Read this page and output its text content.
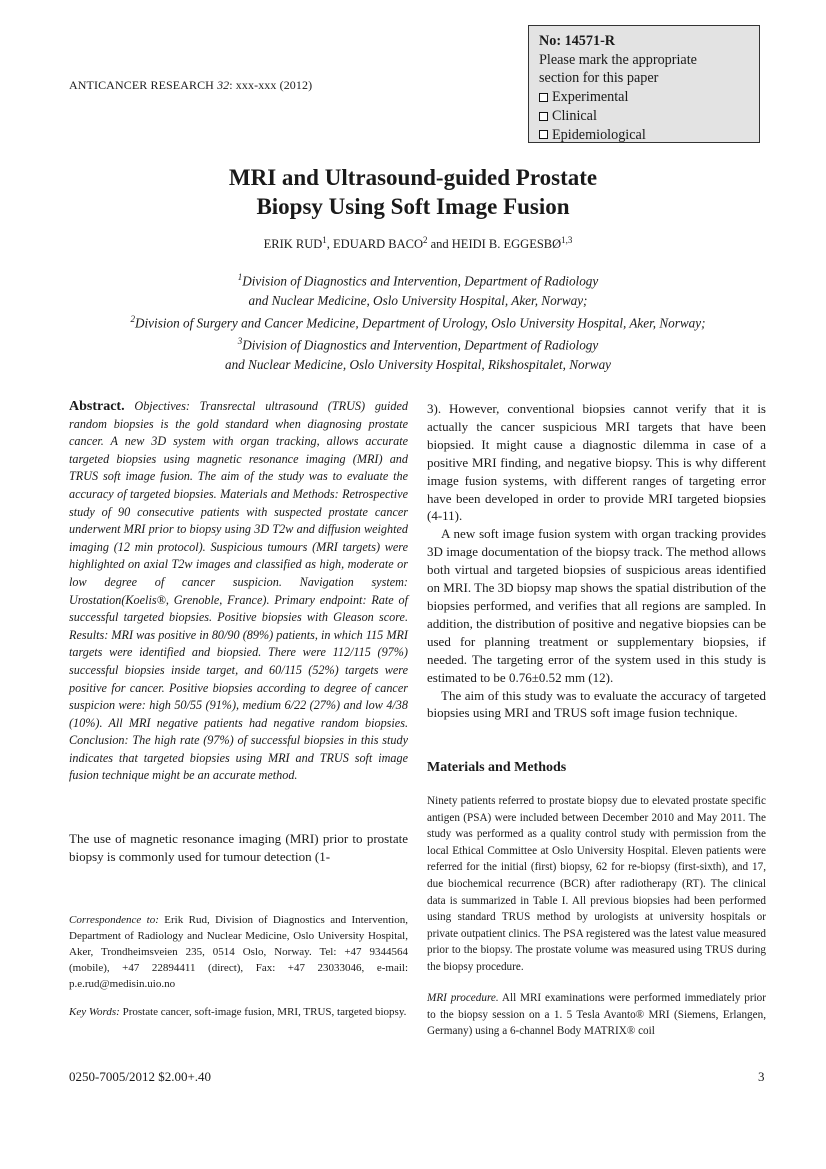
ANTICANCER RESEARCH 32: xxx-xxx (2012)
No: 14571-R
Please mark the appropriate
section for this paper
Experimental
Clinical
Epidemiological
MRI and Ultrasound-guided Prostate
Biopsy Using Soft Image Fusion
ERIK RUD$^1$, EDUARD BACO$^2$ and HEIDI B. EGGESBØ$^{1,3}$
$^1$Division of Diagnostics and Intervention, Department of Radiology
and Nuclear Medicine, Oslo University Hospital, Aker, Norway;
$^2$Division of Surgery and Cancer Medicine, Department of Urology, Oslo University Hospital, Aker, Norway;
$^3$Division of Diagnostics and Intervention, Department of Radiology
and Nuclear Medicine, Oslo University Hospital, Rikshospitalet, Norway

Abstract. Objectives: Transrectal ultrasound (TRUS) guided random biopsies is the gold standard when diagnosing prostate cancer. A new 3D system with organ tracking, allows accurate targeted biopsies using magnetic resonance imaging (MRI) and TRUS soft image fusion. The aim of the study was to evaluate the accuracy of targeted biopsies. Materials and Methods: Retrospective study of 90 consecutive patients with suspected prostate cancer underwent MRI prior to biopsy using 3D T2w and diffusion weighted imaging (12 min protocol). Suspicious tumours (MRI targets) were highlighted on axial T2w images and classified as high, moderate or low degree of cancer suspicion. Navigation system: Urostation(Koelis®, Grenoble, France). Primary endpoint: Rate of successful targeted biopsies. Positive biopsies with Gleason score. Results: MRI was positive in 80/90 (89%) patients, in which 115 MRI targets were identified and biopsied. There were 112/115 (97%) successful biopsies inside target, and 60/115 (52%) targets were positive for cancer. Positive biopsies according to degree of cancer suspicion were: high 50/55 (91%), medium 6/22 (27%) and low 4/38 (10%). All MRI negative patients had negative random biopsies. Conclusion: The high rate (97%) of successful biopsies in this study indicates that targeted biopsies using MRI and TRUS soft image fusion technique might be an accurate method.

The use of magnetic resonance imaging (MRI) prior to prostate biopsy is commonly used for tumour detection (1-

Correspondence to: Erik Rud, Division of Diagnostics and Intervention, Department of Radiology and Nuclear Medicine, Oslo University Hospital, Aker, Trondheimsveien 235, 0514 Oslo, Norway. Tel: +47 9344564 (mobile), +47 22894411 (direct), Fax: +47 23033046, e-mail: p.e.rud@medisin.uio.no

Key Words: Prostate cancer, soft-image fusion, MRI, TRUS, targeted biopsy.

3). However, conventional biopsies cannot verify that it is actually the cancer suspicious MRI targets that have been biopsied. It might cause a diagnostic dilemma in case of a positive MRI finding, and negative biopsy. This is why different image fusion systems, with different ranges of targeting error have been developed in order to provide MRI targeted biopsies (4-11).

A new soft image fusion system with organ tracking provides 3D image documentation of the biopsy track. The method allows both virtual and targeted biopsies of suspicious areas identified on MRI. The 3D biopsy map shows the spatial distribution of the biopsies performed, and verifies that all regions are sampled. In addition, the distribution of positive and negative biopsies can be used for planning treatment or supplementary biopsies, if needed. The targeting error of the system used in this study is estimated to be 0.76±0.52 mm (12).

The aim of this study was to evaluate the accuracy of targeted biopsies using MRI and TRUS soft image fusion technique.

Materials and Methods

Ninety patients referred to prostate biopsy due to elevated prostate specific antigen (PSA) were included between December 2010 and May 2011. The study was performed as a quality control study with permission from the local Ethical Committee at Oslo University Hospital. Eleven patients were referred for the initial (first) biopsy, 62 for re-biopsy (first-sixth), and 17, due biochemical recurrence (BCR) after radiotherapy (RT). The clinical data is summarized in Table I. All previous biopsies had been performed using standard TRUS method by urologists at university hospitals or private outpatient clinics. The PSA registered was the latest value measured prior to the biopsy. The prostate volume was measured using TRUS during the biopsy procedure.

MRI procedure. All MRI examinations were performed immediately prior to the biopsy session on a 1. 5 Tesla Avanto® MRI (Siemens, Erlangen, Germany) using a 6-channel Body MATRIX® coil

0250-7005/2012 $2.00+.40	3
